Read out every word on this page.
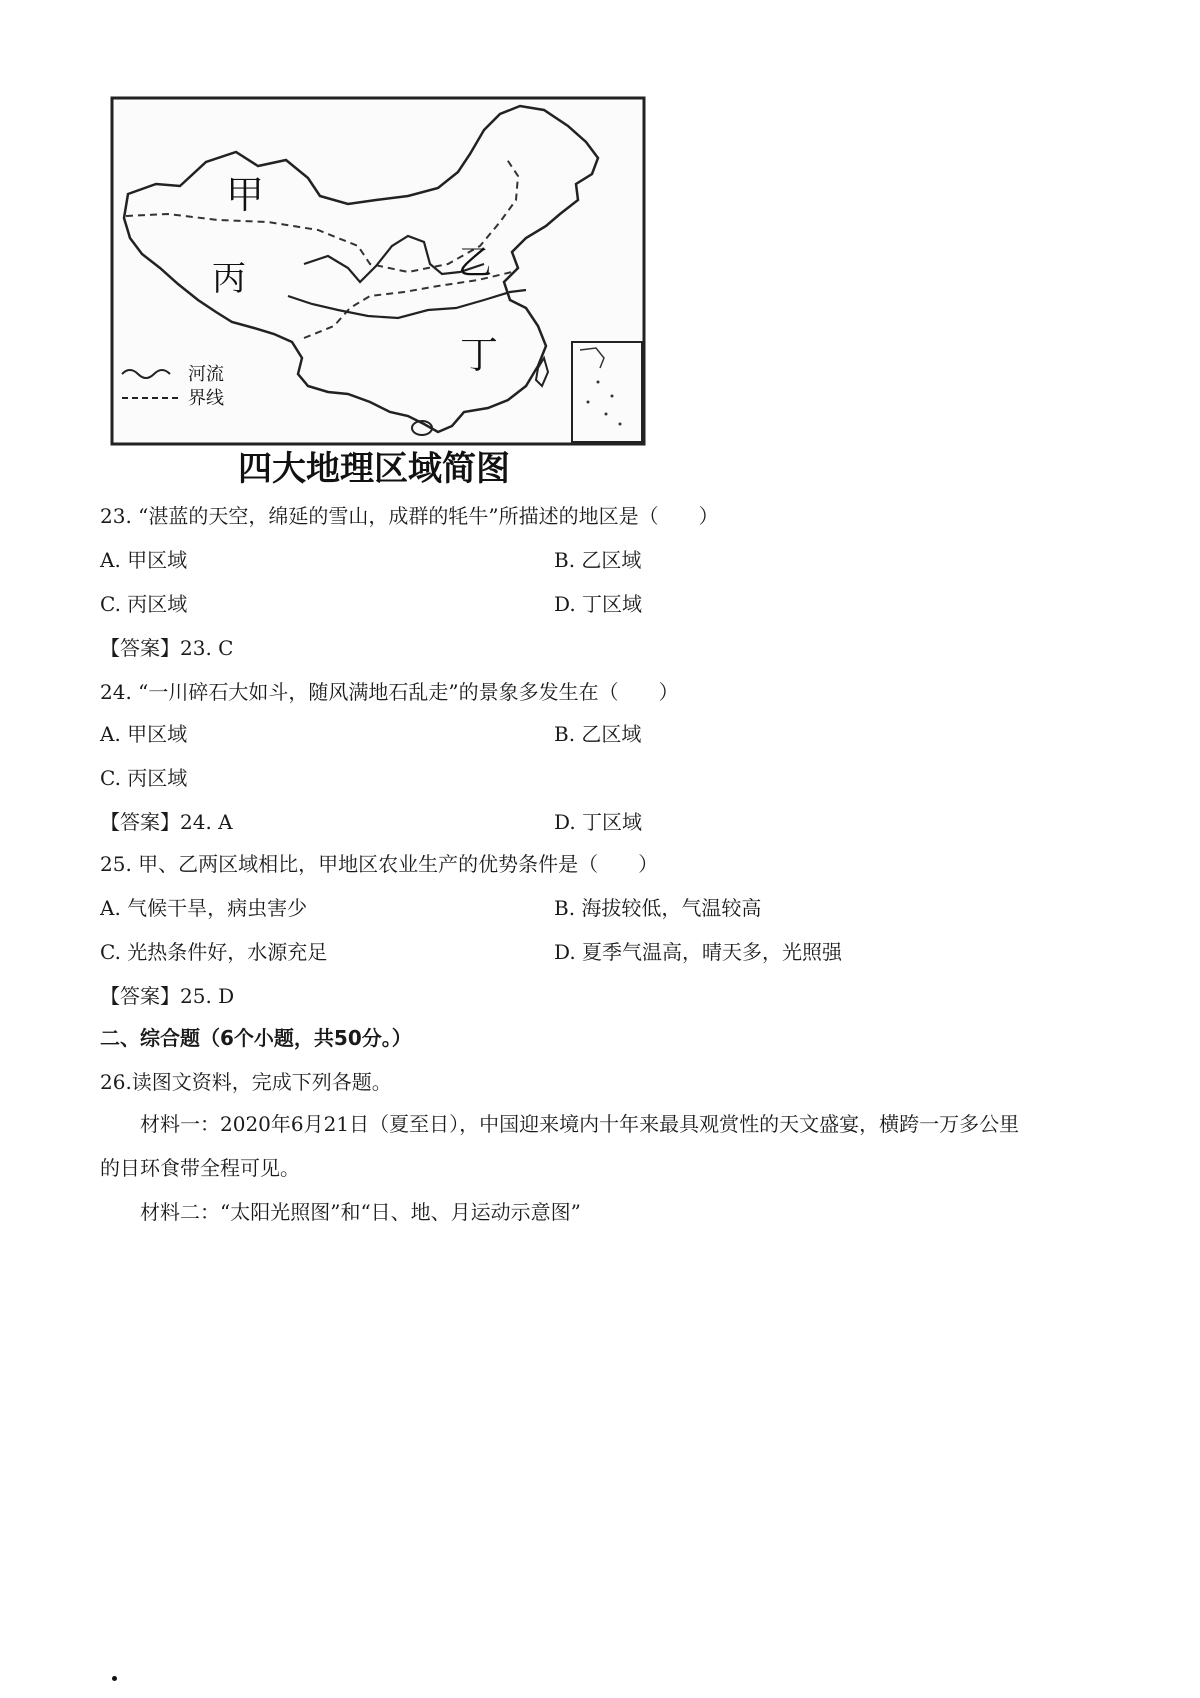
甲
乙
丙
丁
河流
界线
四大地理区域简图
23. “湛蓝的天空，绵延的雪山，成群的牦牛”所描述的地区是（　　）
A. 甲区域	B. 乙区域
C. 丙区域	D. 丁区域
【答案】23. C
24. “一川碎石大如斗，随风满地石乱走”的景象多发生在（　　）
A. 甲区域	B. 乙区域
C. 丙区域
【答案】24. A	D. 丁区域
25. 甲、乙两区域相比，甲地区农业生产的优势条件是（　　）
A. 气候干旱，病虫害少	B. 海拔较低，气温较高
C. 光热条件好，水源充足	D. 夏季气温高，晴天多，光照强
【答案】25. D
二、综合题（6个小题，共50分。）
26.读图文资料，完成下列各题。
材料一：2020年6月21日（夏至日），中国迎来境内十年来最具观赏性的天文盛宴，横跨一万多公里
的日环食带全程可见。
材料二：“太阳光照图”和“日、地、月运动示意图”
